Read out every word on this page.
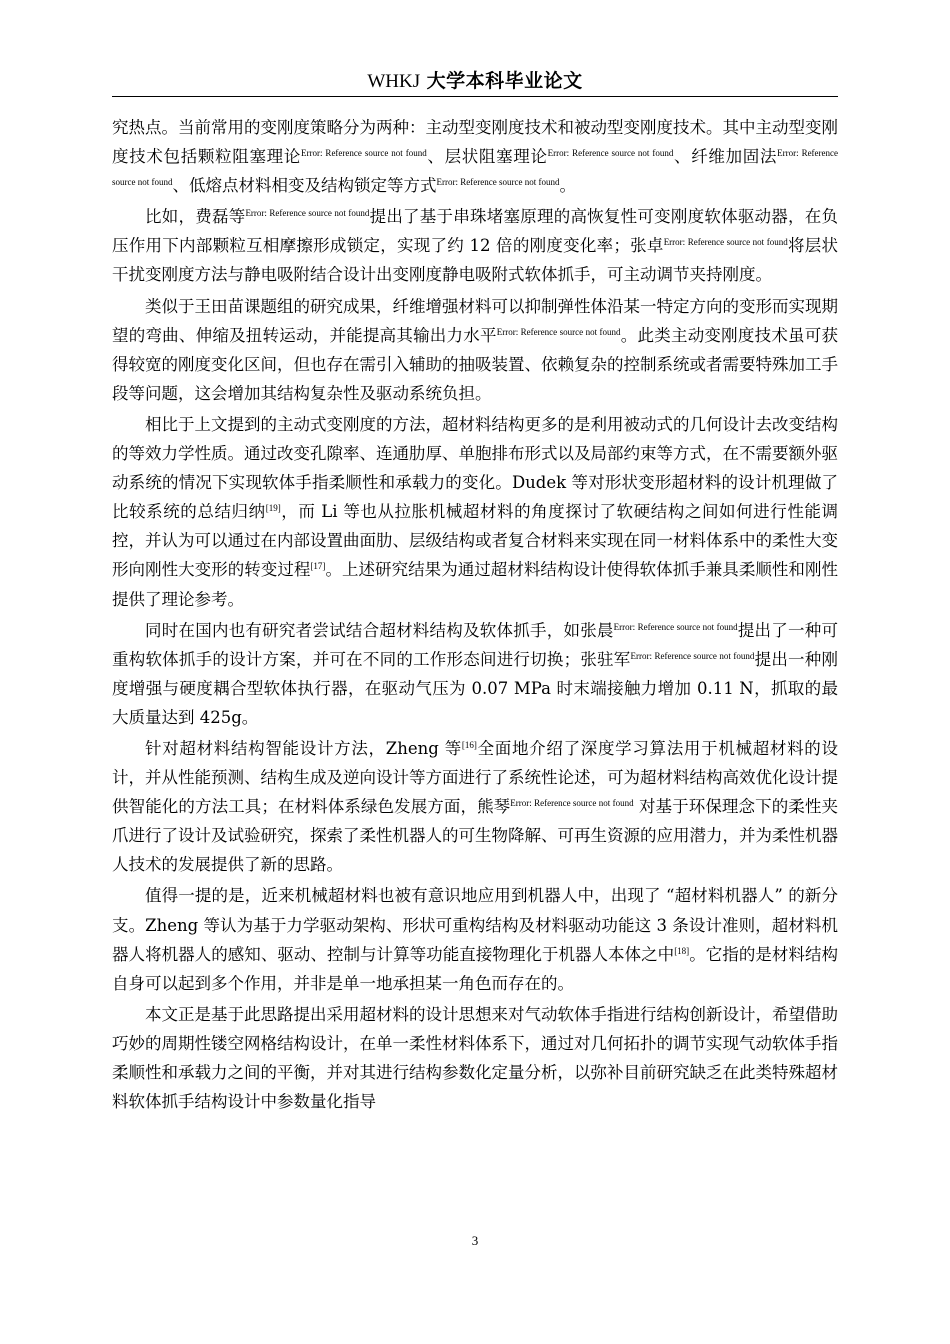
WHKJ 大学本科毕业论文

究热点。当前常用的变刚度策略分为两种：主动型变刚度技术和被动型变刚度技术。其中主动型变刚度技术包括颗粒阻塞理论$^{Error: Reference source not found}$、层状阻塞理论$^{Error: Reference source not found}$、纤维加固法$^{Error: Reference source not found}$、低熔点材料相变及结构锁定等方式$^{Error: Reference source not found}$。

比如，费磊等$^{Error: Reference source not found}$提出了基于串珠堵塞原理的高恢复性可变刚度软体驱动器，在负压作用下内部颗粒互相摩擦形成锁定，实现了约 12 倍的刚度变化率；张卓$^{Error: Reference source not found}$将层状干扰变刚度方法与静电吸附结合设计出变刚度静电吸附式软体抓手，可主动调节夹持刚度。

类似于王田苗课题组的研究成果，纤维增强材料可以抑制弹性体沿某一特定方向的变形而实现期望的弯曲、伸缩及扭转运动，并能提高其输出力水平$^{Error: Reference source not found}$。此类主动变刚度技术虽可获得较宽的刚度变化区间，但也存在需引入辅助的抽吸装置、依赖复杂的控制系统或者需要特殊加工手段等问题，这会增加其结构复杂性及驱动系统负担。

相比于上文提到的主动式变刚度的方法，超材料结构更多的是利用被动式的几何设计去改变结构的等效力学性质。通过改变孔隙率、连通肋厚、单胞排布形式以及局部约束等方式，在不需要额外驱动系统的情况下实现软体手指柔顺性和承载力的变化。Dudek 等对形状变形超材料的设计机理做了比较系统的总结归纳[19]，而 Li 等也从拉胀机械超材料的角度探讨了软硬结构之间如何进行性能调控，并认为可以通过在内部设置曲面肋、层级结构或者复合材料来实现在同一材料体系中的柔性大变形向刚性大变形的转变过程[17]。上述研究结果为通过超材料结构设计使得软体抓手兼具柔顺性和刚性提供了理论参考。

同时在国内也有研究者尝试结合超材料结构及软体抓手，如张晨$^{Error: Reference source not found}$提出了一种可重构软体抓手的设计方案，并可在不同的工作形态间进行切换；张驻军$^{Error: Reference source not found}$提出一种刚度增强与硬度耦合型软体执行器，在驱动气压为 0.07 MPa 时末端接触力增加 0.11 N，抓取的最大质量达到 425g。

针对超材料结构智能设计方法，Zheng 等[16]全面地介绍了深度学习算法用于机械超材料的设计，并从性能预测、结构生成及逆向设计等方面进行了系统性论述，可为超材料结构高效优化设计提供智能化的方法工具；在材料体系绿色发展方面，熊琴$^{Error: Reference source not found}$ 对基于环保理念下的柔性夹爪进行了设计及试验研究，探索了柔性机器人的可生物降解、可再生资源的应用潜力，并为柔性机器人技术的发展提供了新的思路。

值得一提的是，近来机械超材料也被有意识地应用到机器人中，出现了 “超材料机器人” 的新分支。Zheng 等认为基于力学驱动架构、形状可重构结构及材料驱动功能这 3 条设计准则，超材料机器人将机器人的感知、驱动、控制与计算等功能直接物理化于机器人本体之中[18]。它指的是材料结构自身可以起到多个作用，并非是单一地承担某一角色而存在的。

本文正是基于此思路提出采用超材料的设计思想来对气动软体手指进行结构创新设计，希望借助巧妙的周期性镂空网格结构设计，在单一柔性材料体系下，通过对几何拓扑的调节实现气动软体手指柔顺性和承载力之间的平衡，并对其进行结构参数化定量分析，以弥补目前研究缺乏在此类特殊超材料软体抓手结构设计中参数量化指导

3
